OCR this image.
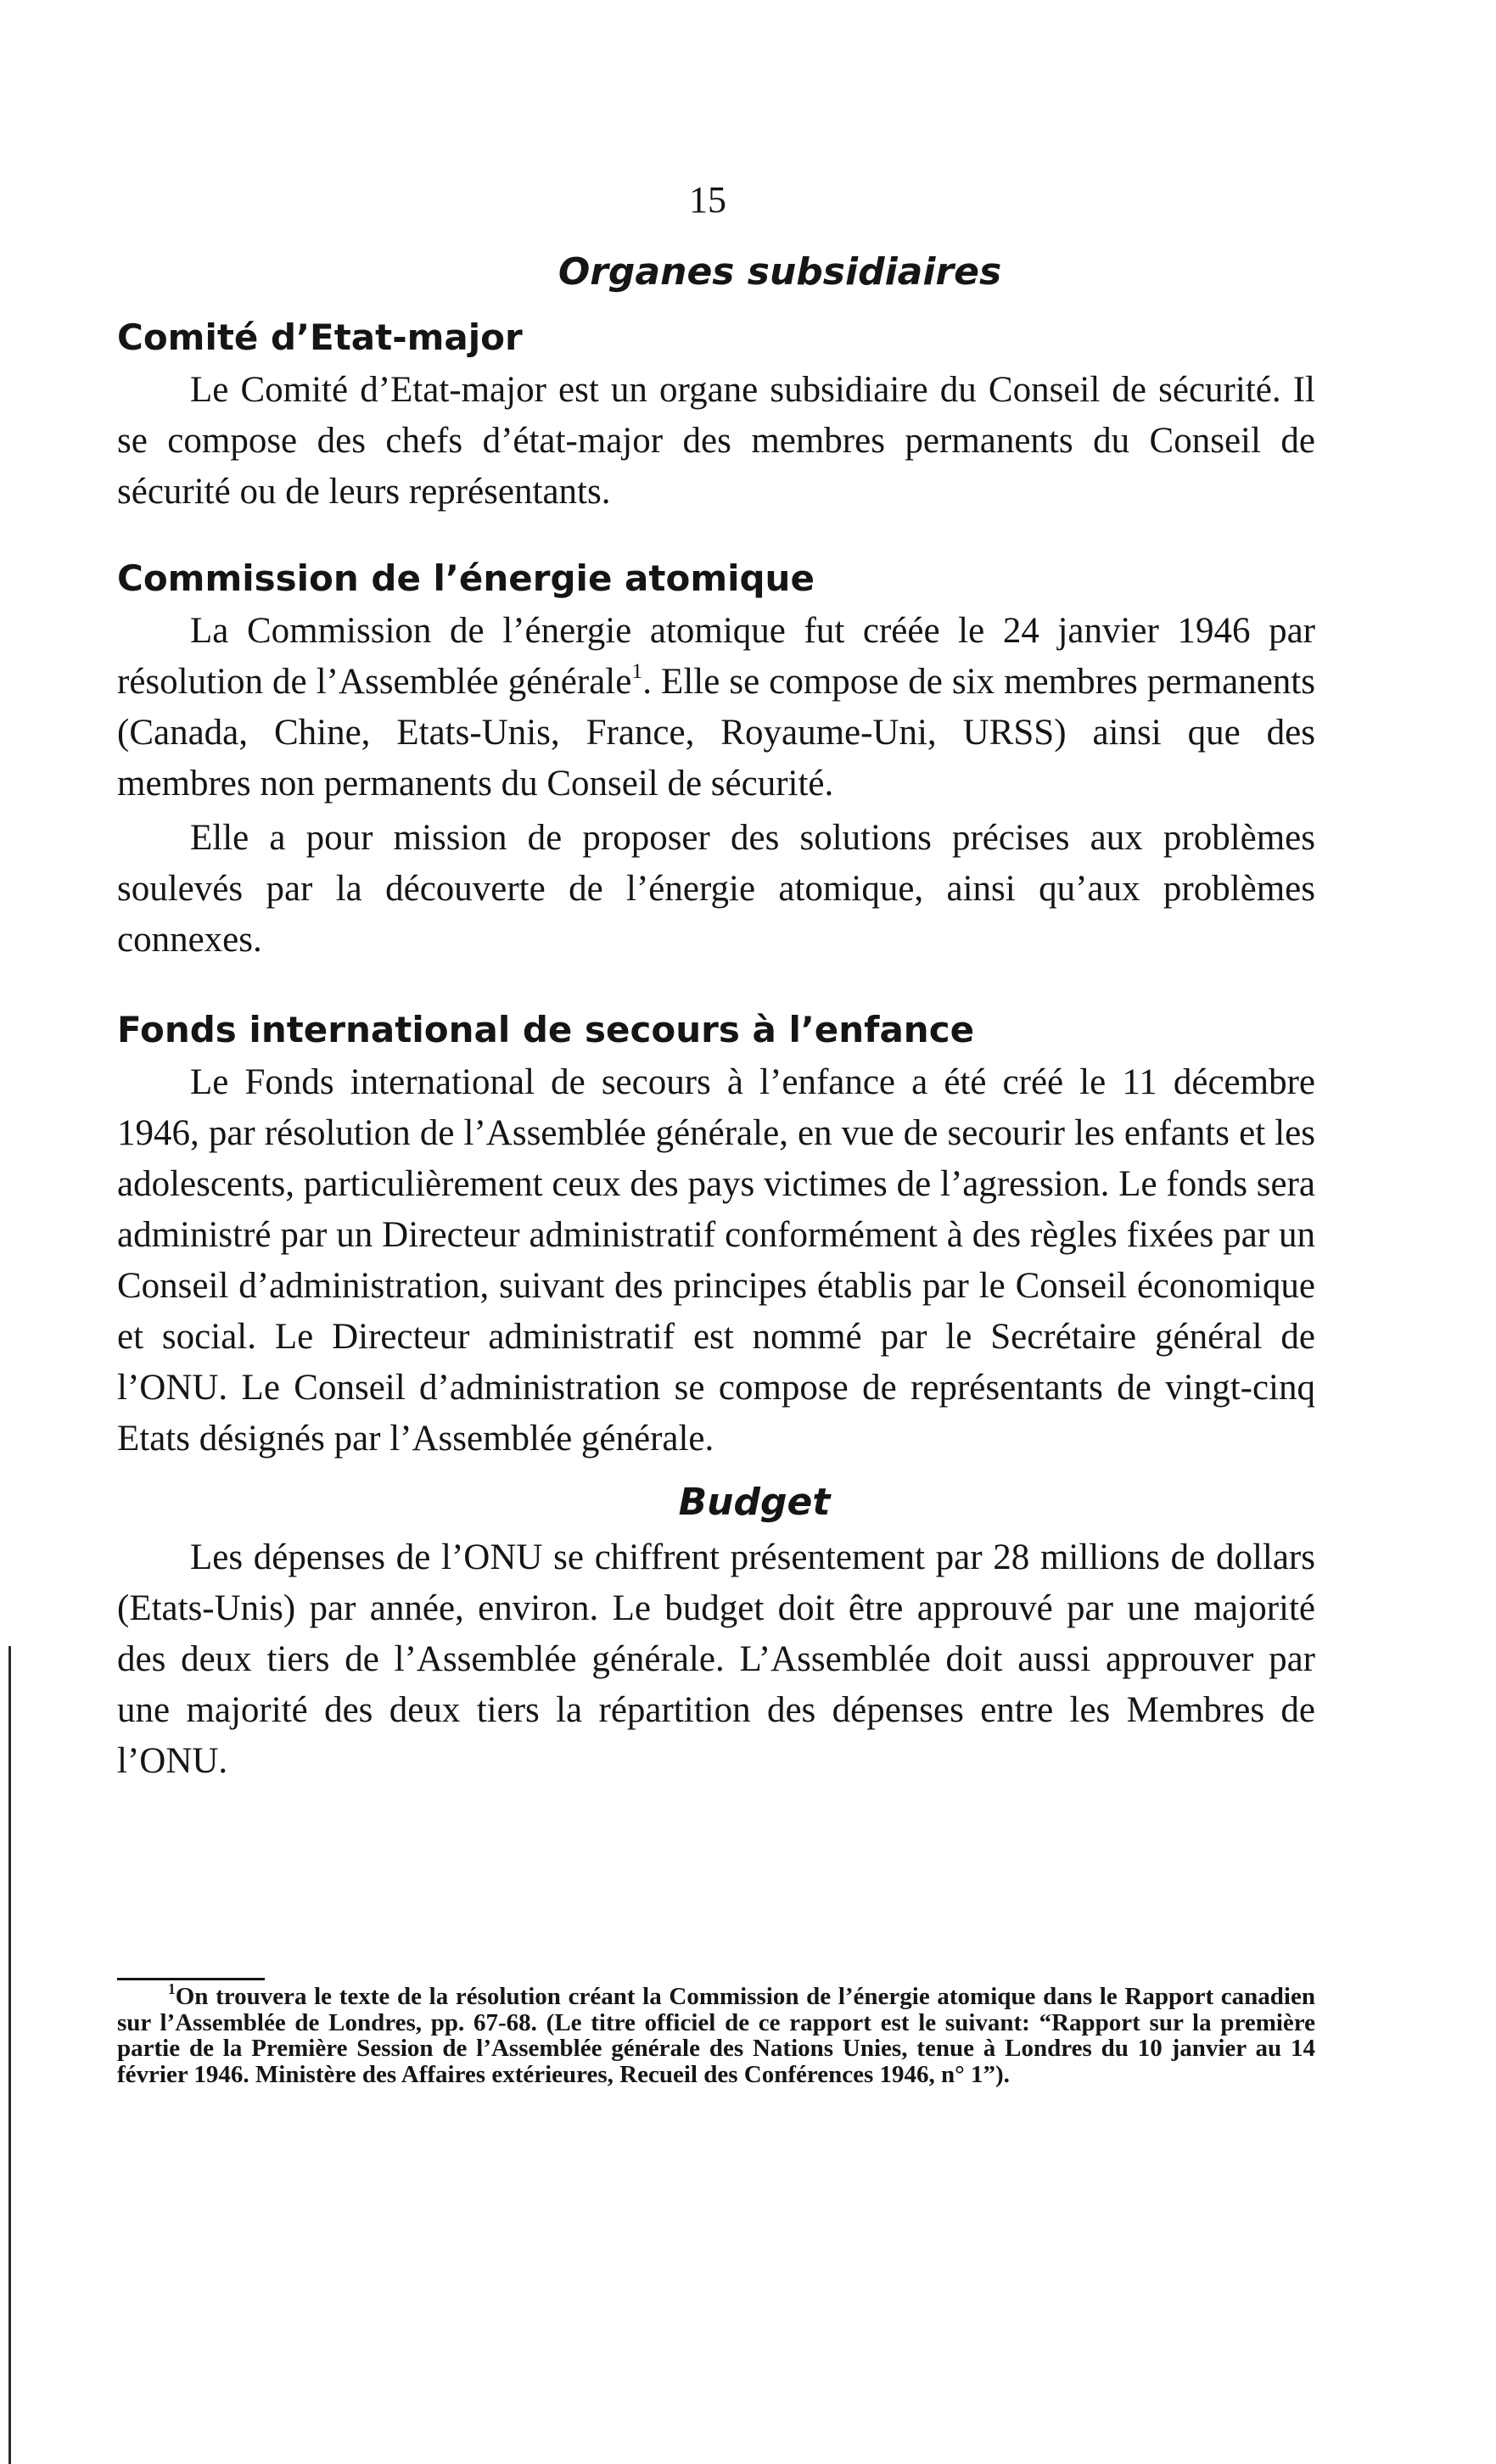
15

Organes subsidiaires
Comité d’Etat-major

Le Comité d’Etat-major est un organe subsidiaire du Conseil de sécurité. Il se compose des chefs d’état-major des membres permanents du Conseil de sécurité ou de leurs représentants.

Commission de l’énergie atomique

La Commission de l’énergie atomique fut créée le 24 janvier 1946 par résolution de l’Assemblée générale$^1$. Elle se compose de six membres permanents (Canada, Chine, Etats-Unis, France, Royaume-Uni, URSS) ainsi que des membres non permanents du Conseil de sécurité.

Elle a pour mission de proposer des solutions précises aux problèmes soulevés par la découverte de l’énergie atomique, ainsi qu’aux problèmes connexes.

Fonds international de secours à l’enfance

Le Fonds international de secours à l’enfance a été créé le 11 décembre 1946, par résolution de l’Assemblée générale, en vue de secourir les enfants et les adolescents, particulièrement ceux des pays victimes de l’agression. Le fonds sera administré par un Directeur administratif conformément à des règles fixées par un Conseil d’administration, suivant des principes établis par le Conseil économique et social. Le Directeur administratif est nommé par le Secrétaire général de l’ONU. Le Conseil d’administration se compose de représentants de vingt-cinq Etats désignés par l’Assemblée générale.

Budget

Les dépenses de l’ONU se chiffrent présentement par 28 millions de dollars (Etats-Unis) par année, environ. Le budget doit être approuvé par une majorité des deux tiers de l’Assemblée générale. L’Assemblée doit aussi approuver par une majorité des deux tiers la répartition des dépenses entre les Membres de l’ONU.

$^1$On trouvera le texte de la résolution créant la Commission de l’énergie atomique dans le Rapport canadien sur l’Assemblée de Londres, pp. 67-68. (Le titre officiel de ce rapport est le suivant: “Rapport sur la première partie de la Première Session de l’Assemblée générale des Nations Unies, tenue à Londres du 10 janvier au 14 février 1946. Ministère des Affaires extérieures, Recueil des Conférences 1946, n° 1”).
